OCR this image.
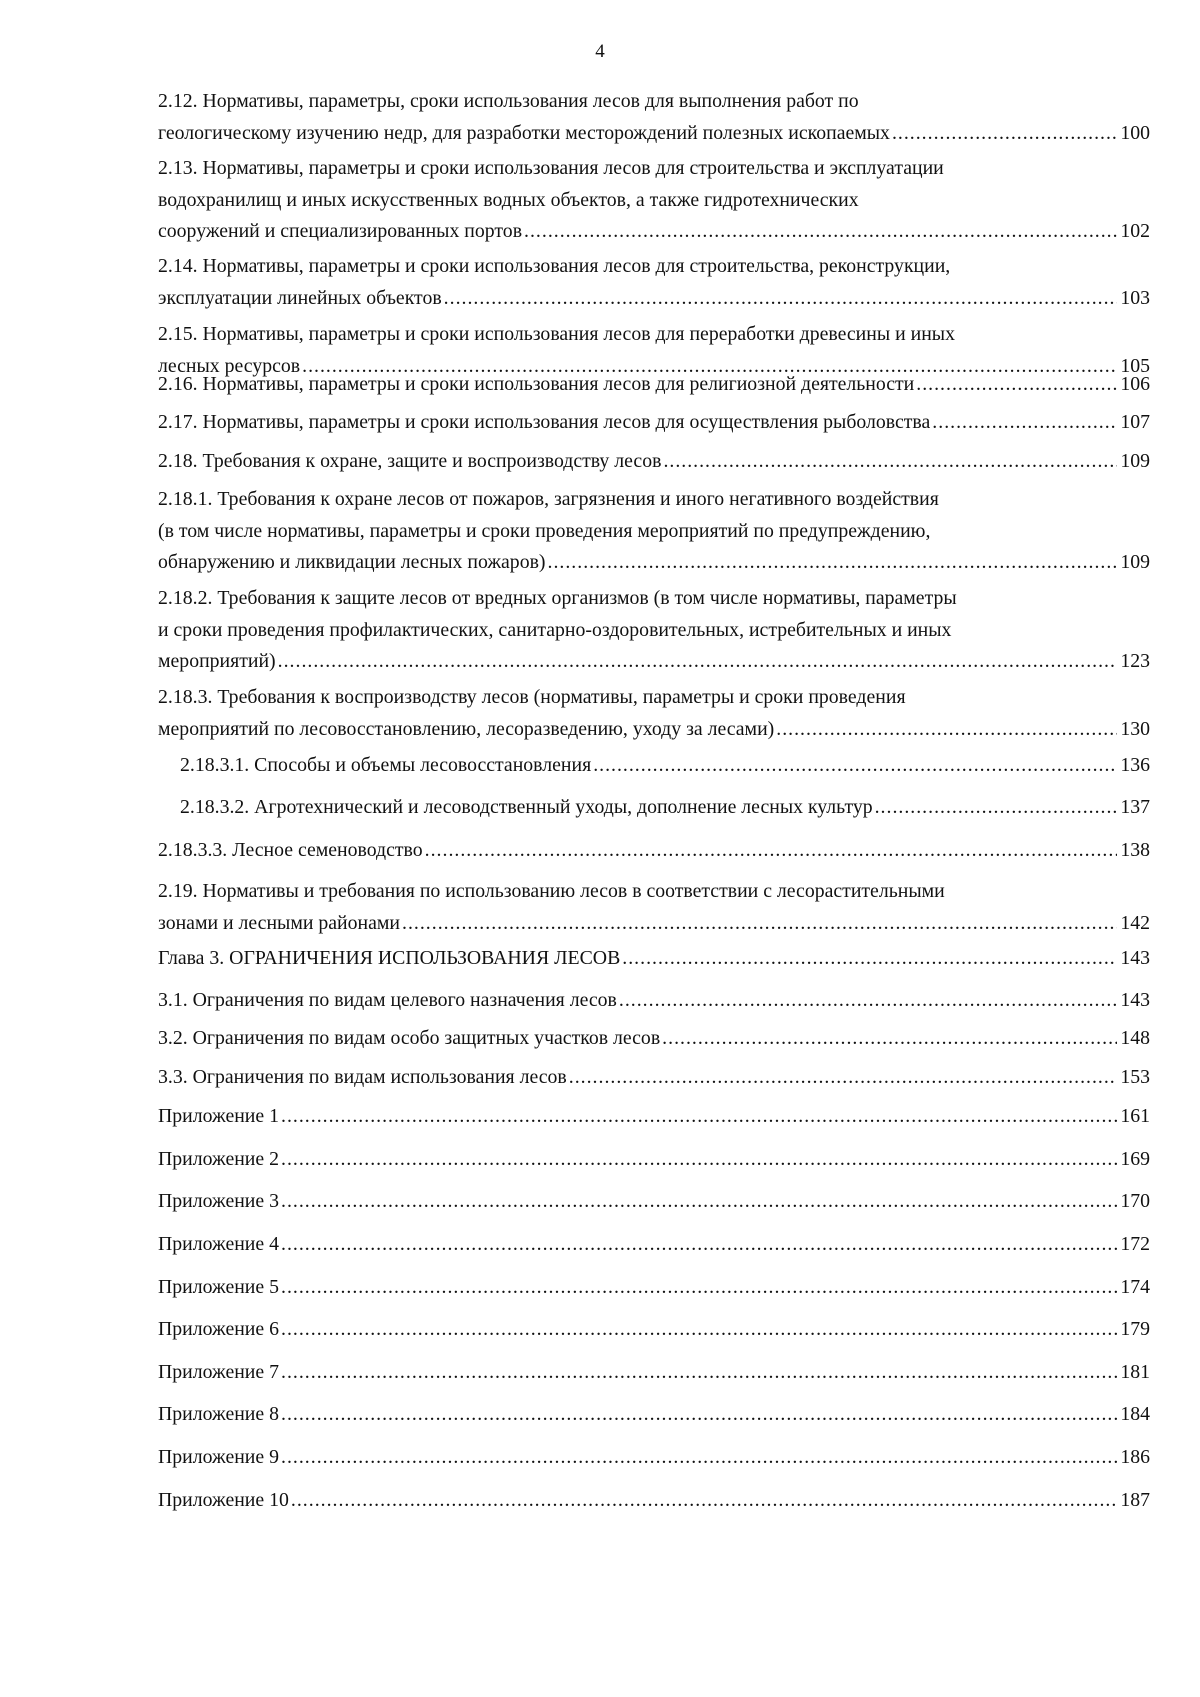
4
2.12. Нормативы, параметры, сроки использования лесов для выполнения работ по
геологическому изучению недр, для разработки месторождений полезных ископаемых .....	100
2.13. Нормативы, параметры и сроки использования лесов для строительства и эксплуатации
водохранилищ и иных искусственных водных объектов, а также гидротехнических
сооружений и специализированных портов .....	102
2.14. Нормативы, параметры и сроки использования лесов для строительства, реконструкции,
эксплуатации линейных объектов .....	103
2.15. Нормативы, параметры и сроки использования лесов для переработки древесины и иных
лесных ресурсов .....	105
2.16. Нормативы, параметры и сроки использования лесов для религиозной деятельности .....	106
2.17. Нормативы, параметры и сроки использования лесов для осуществления рыболовства .....	107
2.18. Требования к охране, защите и воспроизводству лесов .....	109
2.18.1. Требования к охране лесов от пожаров, загрязнения и иного негативного воздействия
(в том числе нормативы, параметры и сроки проведения мероприятий по предупреждению,
обнаружению и ликвидации лесных пожаров) .....	109
2.18.2. Требования к защите лесов от вредных организмов (в том числе нормативы, параметры
и сроки проведения профилактических, санитарно-оздоровительных, истребительных и иных
мероприятий) .....	123
2.18.3. Требования к воспроизводству лесов (нормативы, параметры и сроки проведения
мероприятий по лесовосстановлению, лесоразведению, уходу за лесами) .....	130
2.18.3.1. Способы и объемы лесовосстановления .....	136
2.18.3.2. Агротехнический и лесоводственный уходы, дополнение лесных культур .....	137
2.18.3.3. Лесное семеноводство .....	138
2.19. Нормативы и требования по использованию лесов в соответствии с лесорастительными
зонами и лесными районами .....	142
Глава 3. ОГРАНИЧЕНИЯ ИСПОЛЬЗОВАНИЯ ЛЕСОВ .....	143
3.1. Ограничения по видам целевого назначения лесов .....	143
3.2. Ограничения по видам особо защитных участков лесов .....	148
3.3. Ограничения по видам использования лесов .....	153
Приложение 1 .....	161
Приложение 2 .....	169
Приложение 3 .....	170
Приложение 4 .....	172
Приложение 5 .....	174
Приложение 6 .....	179
Приложение 7 .....	181
Приложение 8 .....	184
Приложение 9 .....	186
Приложение 10 .....	187
